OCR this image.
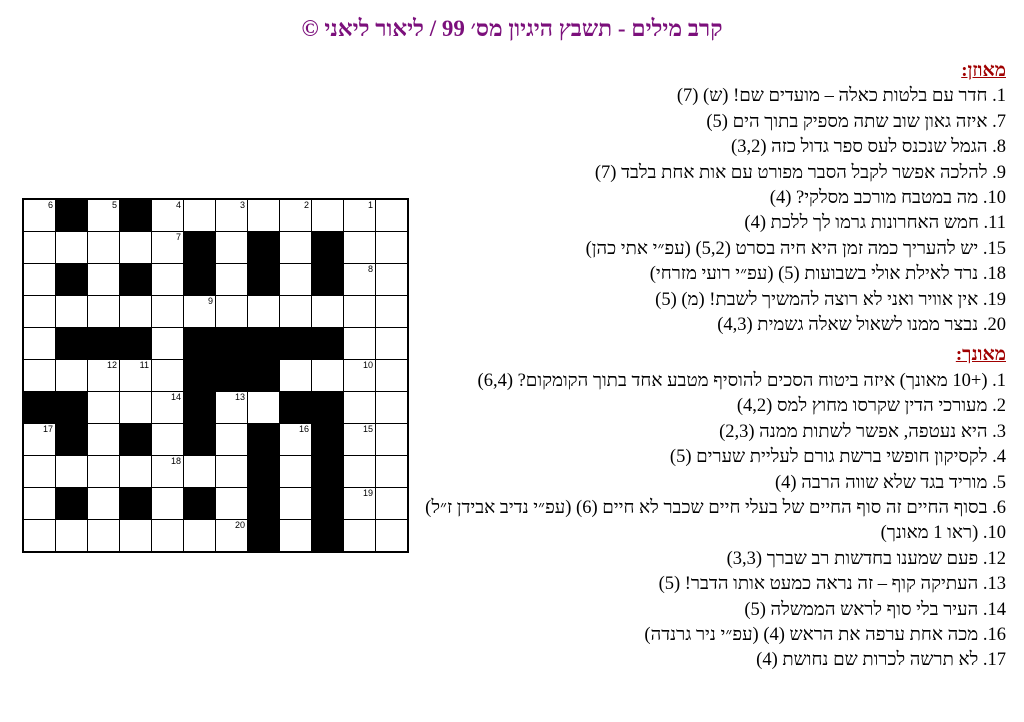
קרב מילים - תשבץ היגיון מס׳ 99 / ליאור ליאני ©
6		5		4		3		2		1	

				7							

										8	

					9						

		12	11							10	

				14		13					

17								16		15	

				18							

										19	

						20					

מאוזן:
1. חדר עם בלטות כאלה – מועדים שם! (ש) (7)
7. איזה גאון שוב שתה מספיק בתוך הים (5)
8. הגמל שנכנס לעס ספר גדול כזה (3,2)
9. להלכה אפשר לקבל הסבר מפורט עם אות אחת בלבד (7)
10. מה במטבח מורכב מסלקי? (4)
11. חמש האחרונות גרמו לך ללכת (4)
15. יש להעריך כמה זמן היא חיה בסרט (5,2) (עפ״י אתי כהן)
18. נרד לאילת אולי בשבועות (5) (עפ״י רועי מזרחי)
19. אין אוויר ואני לא רוצה להמשיך לשבת! (מ) (5)
20. נבצר ממנו לשאול שאלה גשמית (4,3)
מאונך:
1. (+10 מאונך) איזה ביטוח הסכים להוסיף מטבע אחד בתוך הקומקום? (6,4)
2. מעורכי הדין שקרסו מחוץ למס (4,2)
3. היא נעטפה, אפשר לשתות ממנה (2,3)
4. לקסיקון חופשי ברשת גורם לעליית שערים (5)
5. מוריד בגד שלא שווה הרבה (4)
6. בסוף החיים זה סוף החיים של בעלי חיים שכבר לא חיים (6) (עפ״י נדיב אבידן ז״ל)
10. (ראו 1 מאונך)
12. פעם שמענו בחדשות רב שברך (3,3)
13. העתיקה קוף – זה נראה כמעט אותו הדבר! (5)
14. העיר בלי סוף לראש הממשלה (5)
16. מכה אחת ערפה את הראש (4) (עפ״י ניר גרנדה)
17. לא תרשה לכרות שם נחושת (4)
